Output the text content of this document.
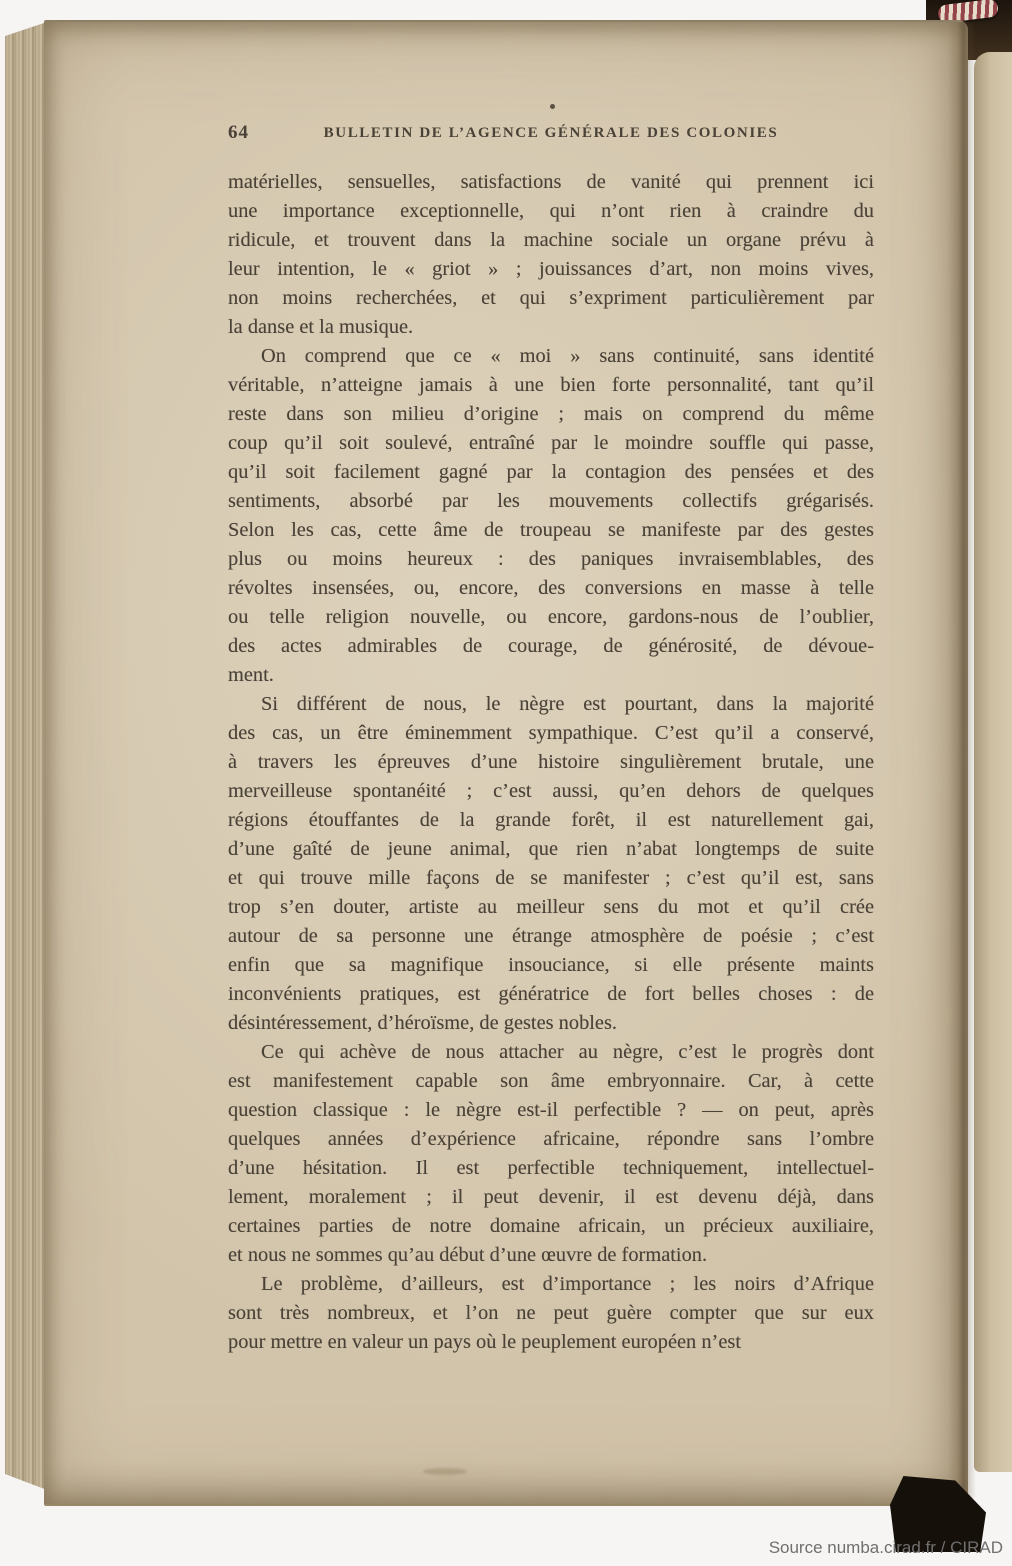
64	BULLETIN DE L’AGENCE GÉNÉRALE DES COLONIES
matérielles, sensuelles, satisfactions de vanité qui prennent ici
une importance exceptionnelle, qui n’ont rien à craindre du
ridicule, et trouvent dans la machine sociale un organe prévu à
leur intention, le « griot » ; jouissances d’art, non moins vives,
non moins recherchées, et qui s’expriment particulièrement par
la danse et la musique.
On comprend que ce « moi » sans continuité, sans identité
véritable, n’atteigne jamais à une bien forte personnalité, tant qu’il
reste dans son milieu d’origine ; mais on comprend du même
coup qu’il soit soulevé, entraîné par le moindre souffle qui passe,
qu’il soit facilement gagné par la contagion des pensées et des
sentiments, absorbé par les mouvements collectifs grégarisés.
Selon les cas, cette âme de troupeau se manifeste par des gestes
plus ou moins heureux : des paniques invraisemblables, des
révoltes insensées, ou, encore, des conversions en masse à telle
ou telle religion nouvelle, ou encore, gardons-nous de l’oublier,
des actes admirables de courage, de générosité, de dévoue-
ment.
Si différent de nous, le nègre est pourtant, dans la majorité
des cas, un être éminemment sympathique. C’est qu’il a conservé,
à travers les épreuves d’une histoire singulièrement brutale, une
merveilleuse spontanéité ; c’est aussi, qu’en dehors de quelques
régions étouffantes de la grande forêt, il est naturellement gai,
d’une gaîté de jeune animal, que rien n’abat longtemps de suite
et qui trouve mille façons de se manifester ; c’est qu’il est, sans
trop s’en douter, artiste au meilleur sens du mot et qu’il crée
autour de sa personne une étrange atmosphère de poésie ; c’est
enfin que sa magnifique insouciance, si elle présente maints
inconvénients pratiques, est génératrice de fort belles choses : de
désintéressement, d’héroïsme, de gestes nobles.
Ce qui achève de nous attacher au nègre, c’est le progrès dont
est manifestement capable son âme embryonnaire. Car, à cette
question classique : le nègre est-il perfectible ? — on peut, après
quelques années d’expérience africaine, répondre sans l’ombre
d’une hésitation. Il est perfectible techniquement, intellectuel-
lement, moralement ; il peut devenir, il est devenu déjà, dans
certaines parties de notre domaine africain, un précieux auxiliaire,
et nous ne sommes qu’au début d’une œuvre de formation.
Le problème, d’ailleurs, est d’importance ; les noirs d’Afrique
sont très nombreux, et l’on ne peut guère compter que sur eux
pour mettre en valeur un pays où le peuplement européen n’est
Source numba.cirad.fr / CIRAD
